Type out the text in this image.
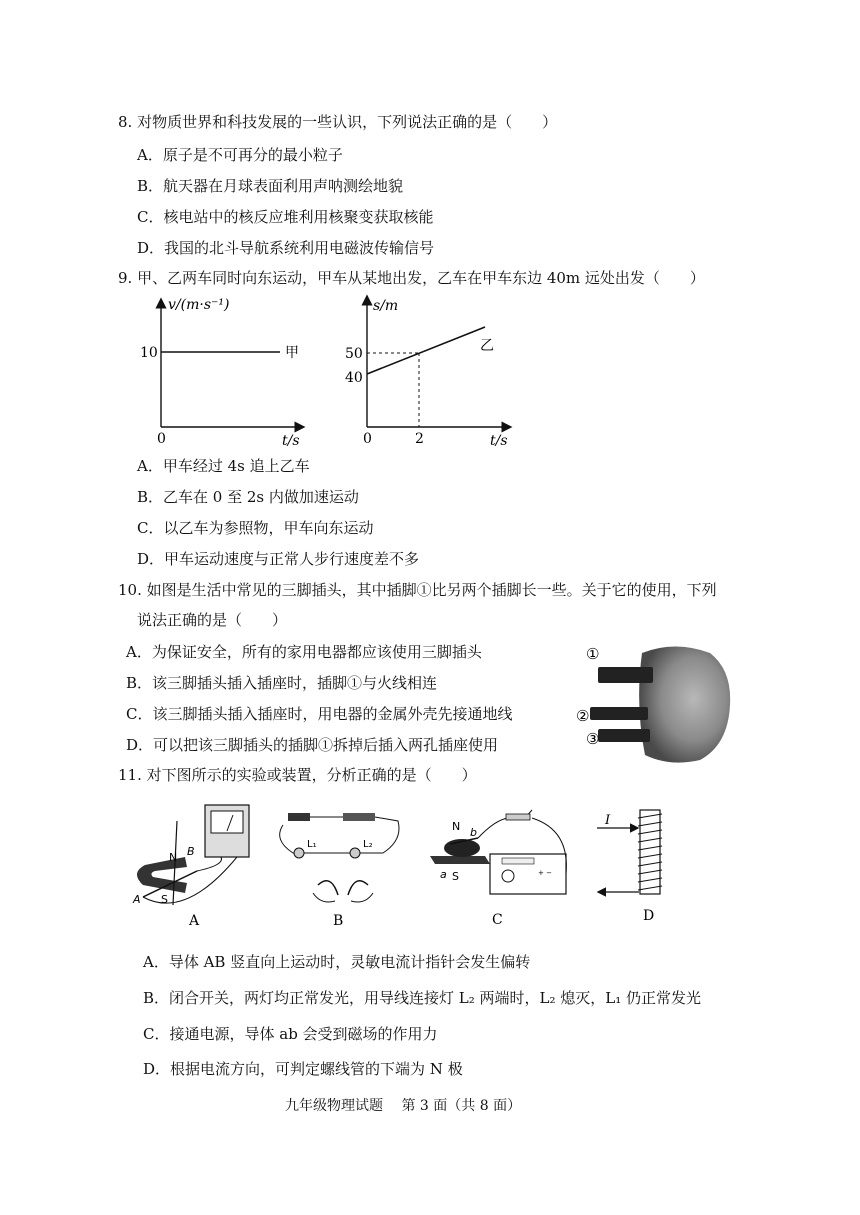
8. 对物质世界和科技发展的一些认识，下列说法正确的是（　　）
A．原子是不可再分的最小粒子
B．航天器在月球表面利用声呐测绘地貌
C．核电站中的核反应堆利用核聚变获取核能
D．我国的北斗导航系统利用电磁波传输信号
9. 甲、乙两车同时向东运动，甲车从某地出发，乙车在甲车东边 40m 远处出发（　　）
v/(m·s⁻¹)
10	甲
0	t/s
s/m
50
40
乙
0	2	t/s
A．甲车经过 4s 追上乙车
B．乙车在 0 至 2s 内做加速运动
C．以乙车为参照物，甲车向东运动
D．甲车运动速度与正常人步行速度差不多
10. 如图是生活中常见的三脚插头，其中插脚①比另两个插脚长一些。关于它的使用，下列
说法正确的是（　　）
A．为保证安全，所有的家用电器都应该使用三脚插头
B．该三脚插头插入插座时，插脚①与火线相连
C．该三脚插头插入插座时，用电器的金属外壳先接通地线
D．可以把该三脚插头的插脚①拆掉后插入两孔插座使用
①
②
③
11. 对下图所示的实验或装置，分析正确的是（　　）
N B
A S
A
L₁	L₂
B
+ −
N b
a S
C
I
D
A．导体 AB 竖直向上运动时，灵敏电流计指针会发生偏转
B．闭合开关，两灯均正常发光，用导线连接灯 L₂ 两端时，L₂ 熄灭，L₁ 仍正常发光
C．接通电源，导体 ab 会受到磁场的作用力
D．根据电流方向，可判定螺线管的下端为 N 极
九年级物理试题　 第 3 面（共 8 面）
